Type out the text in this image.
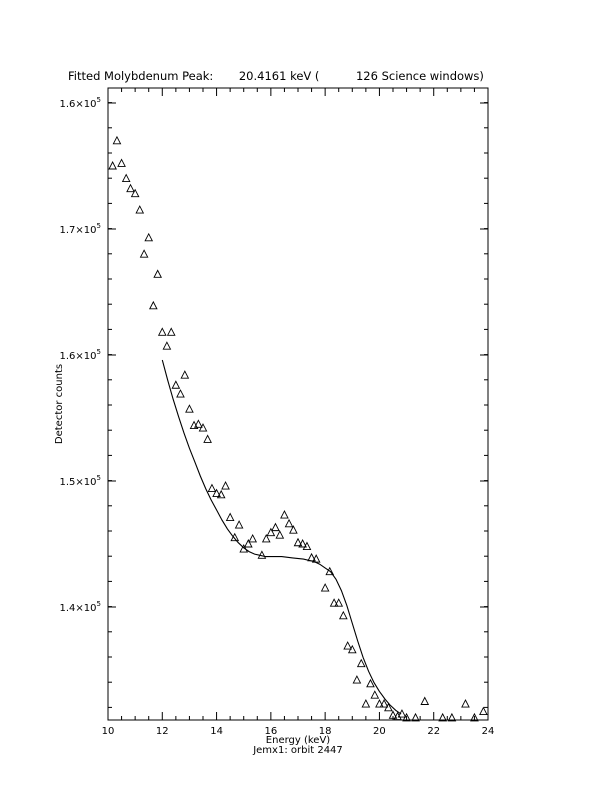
Fitted Molybdenum Peak:       20.4161 keV (          126 Science windows)
10	12	14	16	18	20	22	24
$1.4\times 10^5$
$1.5\times 10^5$
$1.6\times 10^5$
$1.7\times 10^5$
$1.6\times 10^5$
Energy (keV)
Jemx1: orbit 2447
Detector counts
